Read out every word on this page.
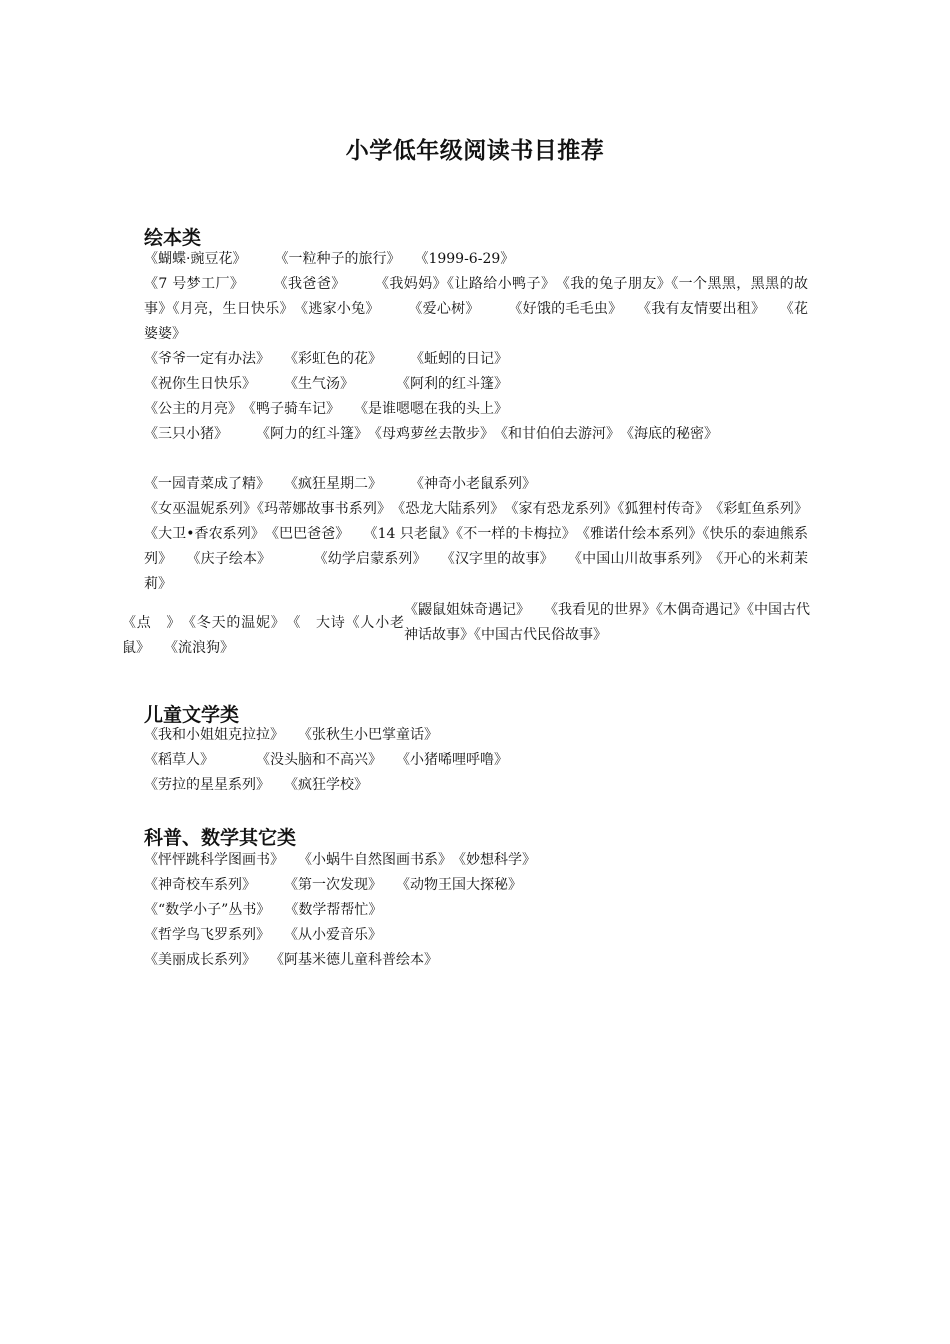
小学低年级阅读书目推荐
绘本类
《蝴蝶·豌豆花》　　　《一粒种子的旅行》　　《1999-6-29》
《7 号梦工厂》　　　《我爸爸》　　　《我妈妈》《让路给小鸭子》　《我的兔子朋友》《一个黑黑，黑黑的故事》《月亮，生日快乐》　《逃家小兔》　　　《爱心树》　　　《好饿的毛毛虫》　　《我有友情要出租》　　《花婆婆》
《爷爷一定有办法》　　《彩虹色的花》　　　《蚯蚓的日记》
《祝你生日快乐》　　　《生气汤》　　　　《阿利的红斗篷》
《公主的月亮》　《鸭子骑车记》　　《是谁嗯嗯在我的头上》
《三只小猪》　　　《阿力的红斗篷》　《母鸡萝丝去散步》　《和甘伯伯去游河》　《海底的秘密》
《一园青菜成了精》　　《疯狂星期二》　　　《神奇小老鼠系列》
《女巫温妮系列》《玛蒂娜故事书系列》　《恐龙大陆系列》　《家有恐龙系列》《狐狸村传奇》　《彩虹鱼系列》《大卫•香农系列》　《巴巴爸爸》　　《14 只老鼠》《不一样的卡梅拉》　《雅诺什绘本系列》《快乐的泰迪熊系列》　　《庆子绘本》　　　　《幼学启蒙系列》　　《汉字里的故事》　　《中国山川故事系列》　《开心的米莉茉莉》
《点　》　《冬天的温妮》　《　大诗《人小老鼠》　　《流浪狗》
《鼹鼠姐妹奇遇记》　　《我看见的世界》《木偶奇遇记》《中国古代神话故事》《中国古代民俗故事》
儿童文学类
《我和小姐姐克拉拉》　　《张秋生小巴掌童话》
《稻草人》　　　　《没头脑和不高兴》　　《小猪唏哩呼噜》
《劳拉的星星系列》　　《疯狂学校》
科普、数学其它类
《怦怦跳科学图画书》　　《小蜗牛自然图画书系》　《妙想科学》
《神奇校车系列》　　　《第一次发现》　　《动物王国大探秘》
《“数学小子”丛书》　　《数学帮帮忙》
《哲学鸟飞罗系列》　　《从小爱音乐》
《美丽成长系列》　　《阿基米德儿童科普绘本》
